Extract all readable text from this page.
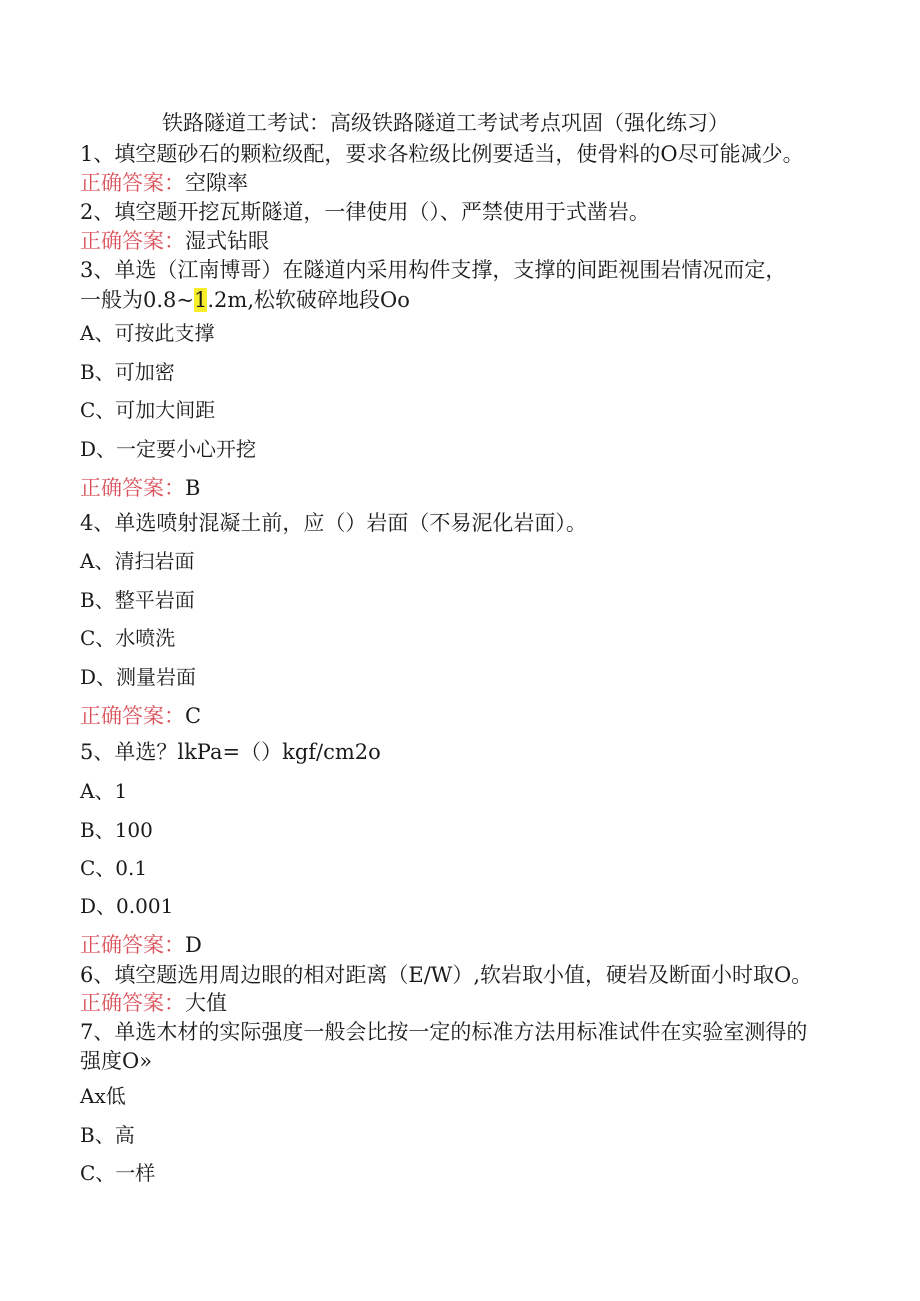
铁路隧道工考试：高级铁路隧道工考试考点巩固（强化练习）
1、填空题砂石的颗粒级配，要求各粒级比例要适当，使骨料的O尽可能减少。
正确答案：空隙率
2、填空题开挖瓦斯隧道，一律使用（）、严禁使用于式凿岩。
正确答案：湿式钻眼
3、单选（江南博哥）在隧道内采用构件支撑，支撑的间距视围岩情况而定，
一般为0.8~1.2m,松软破碎地段Oo
A、可按此支撑
B、可加密
C、可加大间距
D、一定要小心开挖
正确答案：B
4、单选喷射混凝土前，应（）岩面（不易泥化岩面）。
A、清扫岩面
B、整平岩面
C、水喷洗
D、测量岩面
正确答案：C
5、单选？lkPa=（）kgf∕cm2o
A、1
B、100
C、0.1
D、0.001
正确答案：D
6、填空题选用周边眼的相对距离（E/W）,软岩取小值，硬岩及断面小时取O。
正确答案：大值
7、单选木材的实际强度一般会比按一定的标准方法用标准试件在实验室测得的
强度O»
Ax低
B、高
C、一样
